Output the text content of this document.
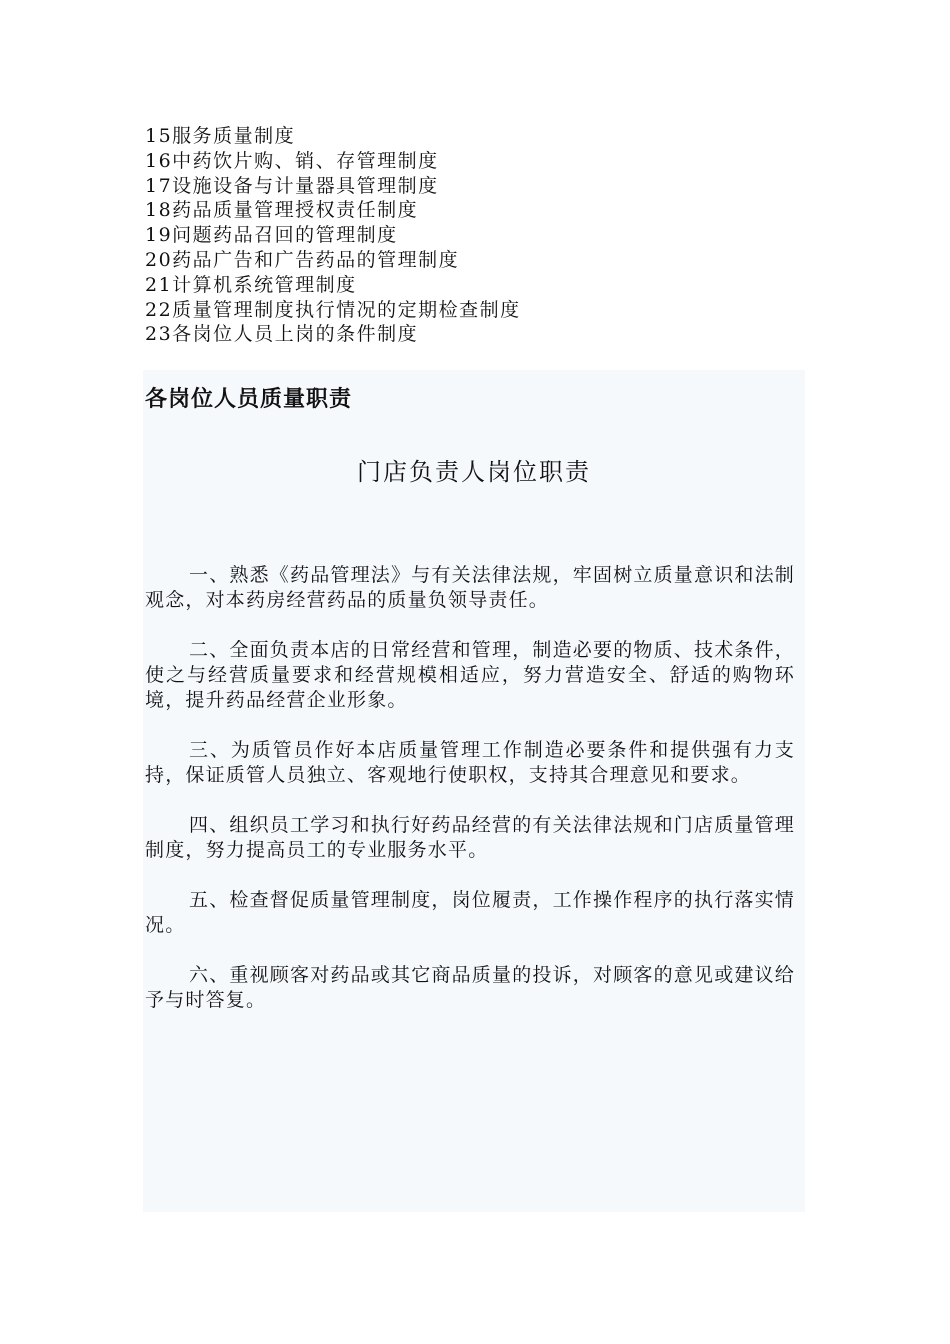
15服务质量制度
16中药饮片购、销、存管理制度
17设施设备与计量器具管理制度
18药品质量管理授权责任制度
19问题药品召回的管理制度
20药品广告和广告药品的管理制度
21计算机系统管理制度
22质量管理制度执行情况的定期检查制度
23各岗位人员上岗的条件制度
各岗位人员质量职责
门店负责人岗位职责

一、熟悉《药品管理法》与有关法律法规，牢固树立质量意识和法制观念，对本药房经营药品的质量负领导责任。

二、全面负责本店的日常经营和管理，制造必要的物质、技术条件，使之与经营质量要求和经营规模相适应，努力营造安全、舒适的购物环境，提升药品经营企业形象。

三、为质管员作好本店质量管理工作制造必要条件和提供强有力支持，保证质管人员独立、客观地行使职权，支持其合理意见和要求。

四、组织员工学习和执行好药品经营的有关法律法规和门店质量管理制度，努力提高员工的专业服务水平。

五、检查督促质量管理制度，岗位履责，工作操作程序的执行落实情况。

六、重视顾客对药品或其它商品质量的投诉，对顾客的意见或建议给予与时答复。
